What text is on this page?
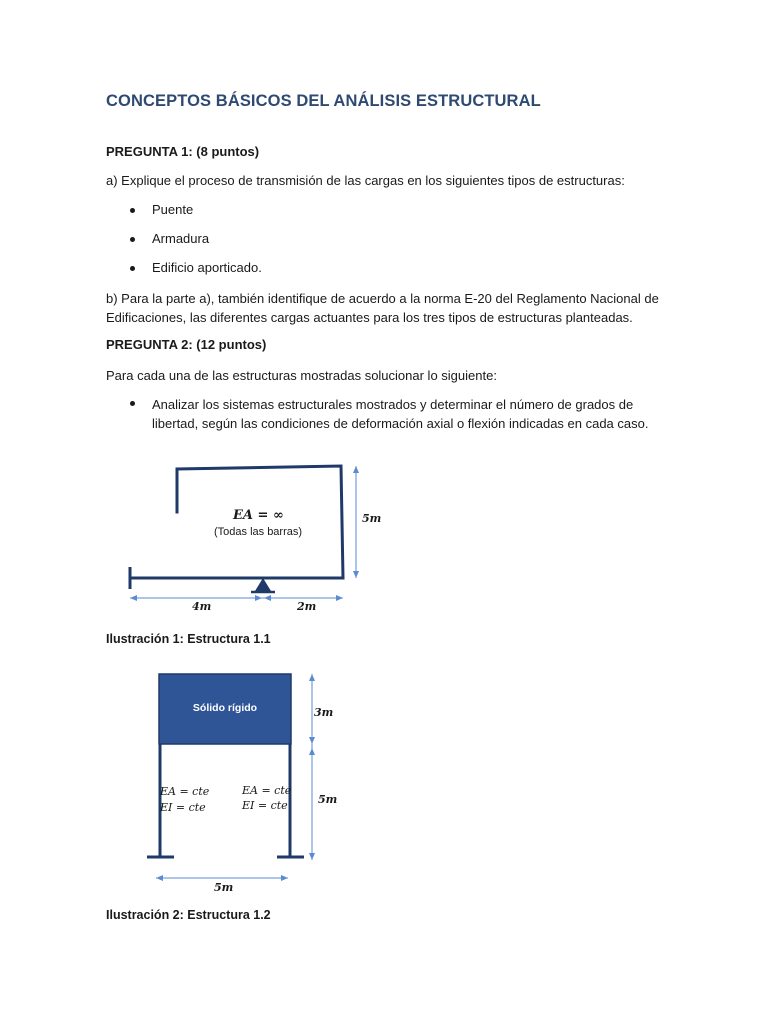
CONCEPTOS BÁSICOS DEL ANÁLISIS ESTRUCTURAL
PREGUNTA 1: (8 puntos)
a) Explique el proceso de transmisión de las cargas en los siguientes tipos de estructuras:
Puente
Armadura
Edificio aporticado.
b) Para la parte a), también identifique de acuerdo a la norma E-20 del Reglamento Nacional de
Edificaciones, las diferentes cargas actuantes para los tres tipos de estructuras planteadas.
PREGUNTA 2: (12 puntos)
Para cada una de las estructuras mostradas solucionar lo siguiente:
Analizar los sistemas estructurales mostrados y determinar el número de grados de
libertad, según las condiciones de deformación axial o flexión indicadas en cada caso.
EA = ∞
(Todas las barras)
5m
4m	2m
Ilustración 1: Estructura 1.1
Sólido rígido
EA = cte
EI = cte
EA = cte
EI = cte
3m
5m
5m
Ilustración 2: Estructura 1.2
